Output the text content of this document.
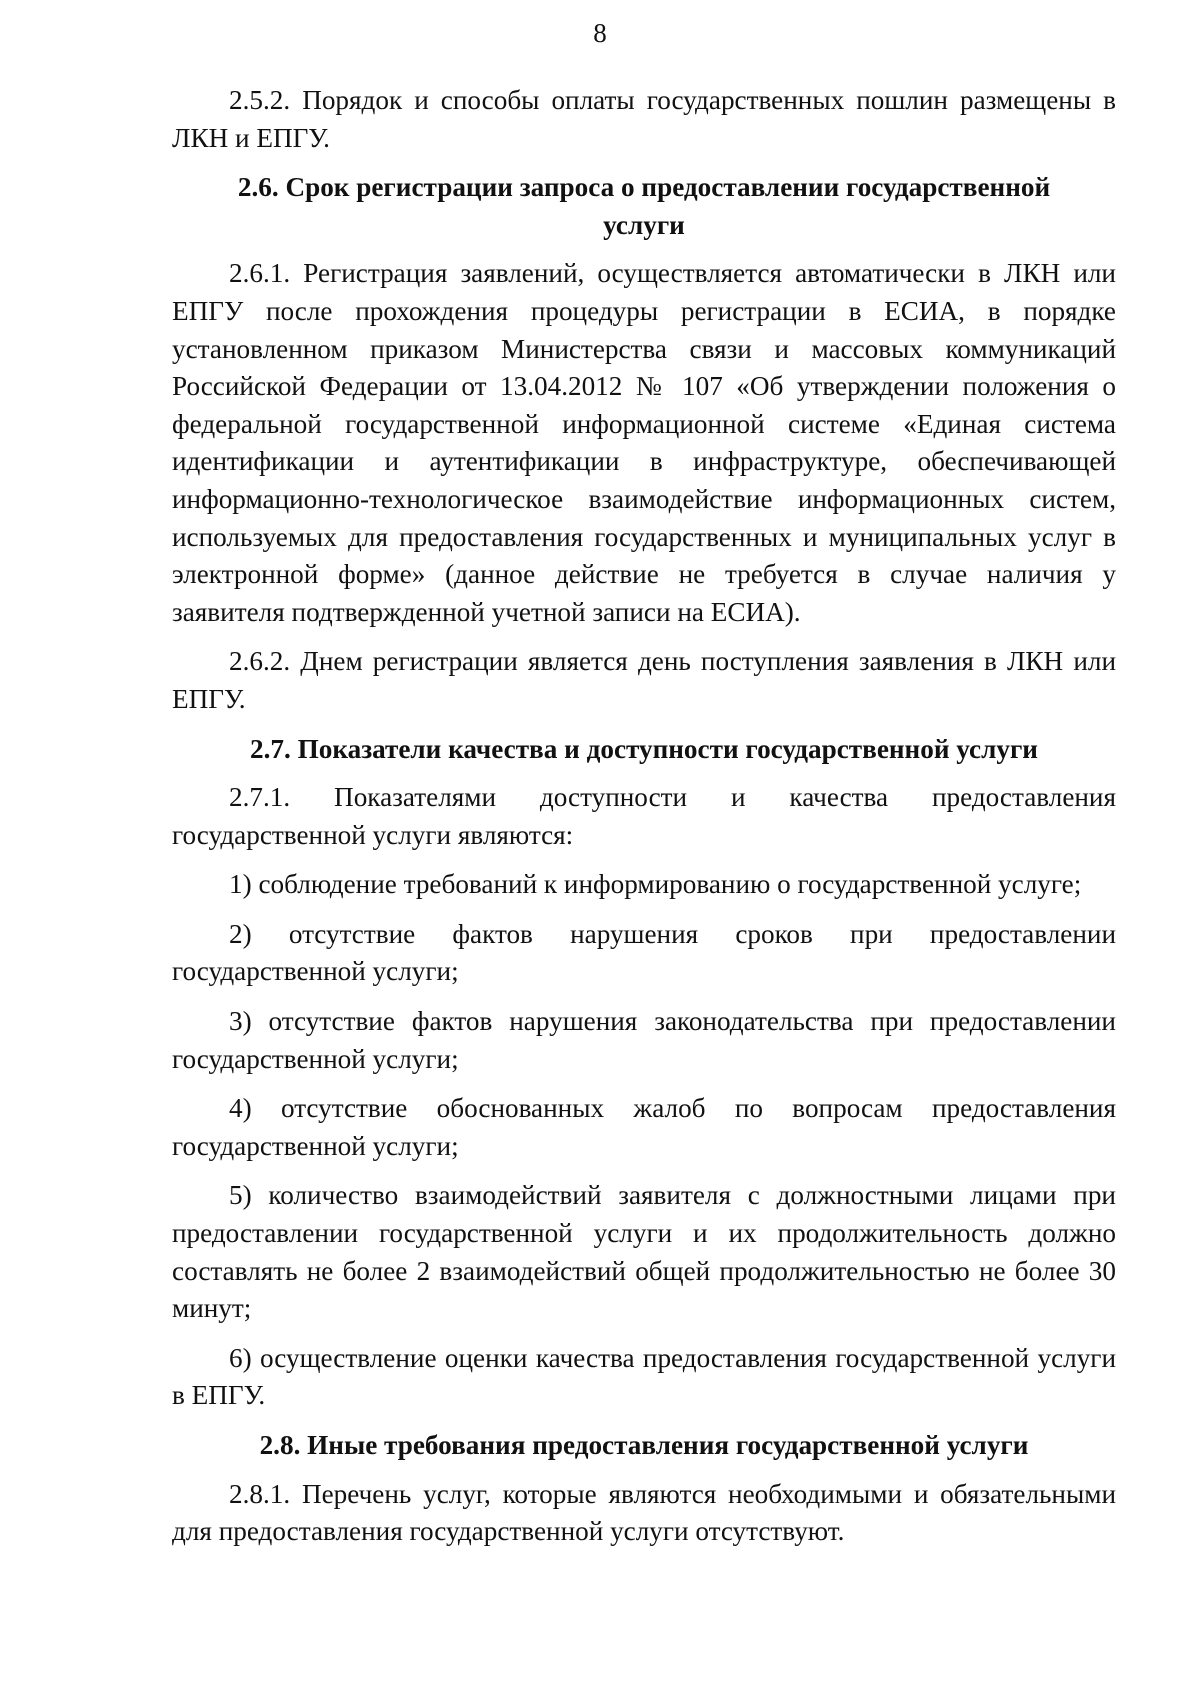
8

2.5.2. Порядок и способы оплаты государственных пошлин размещены в ЛКН и ЕПГУ.

2.6. Срок регистрации запроса о предоставлении государственной услуги

2.6.1. Регистрация заявлений, осуществляется автоматически в ЛКН или ЕПГУ после прохождения процедуры регистрации в ЕСИА, в порядке установленном приказом Министерства связи и массовых коммуникаций Российской Федерации от 13.04.2012 № 107 «Об утверждении положения о федеральной государственной информационной системе «Единая система идентификации и аутентификации в инфраструктуре, обеспечивающей информационно-технологическое взаимодействие информационных систем, используемых для предоставления государственных и муниципальных услуг в электронной форме» (данное действие не требуется в случае наличия у заявителя подтвержденной учетной записи на ЕСИА).

2.6.2. Днем регистрации является день поступления заявления в ЛКН или ЕПГУ.

2.7. Показатели качества и доступности государственной услуги

2.7.1. Показателями доступности и качества предоставления государственной услуги являются:

1) соблюдение требований к информированию о государственной услуге;

2) отсутствие фактов нарушения сроков при предоставлении государственной услуги;

3) отсутствие фактов нарушения законодательства при предоставлении государственной услуги;

4) отсутствие обоснованных жалоб по вопросам предоставления государственной услуги;

5) количество взаимодействий заявителя с должностными лицами при предоставлении государственной услуги и их продолжительность должно составлять не более 2 взаимодействий общей продолжительностью не более 30 минут;

6) осуществление оценки качества предоставления государственной услуги в ЕПГУ.

2.8. Иные требования предоставления государственной услуги

2.8.1. Перечень услуг, которые являются необходимыми и обязательными для предоставления государственной услуги отсутствуют.
